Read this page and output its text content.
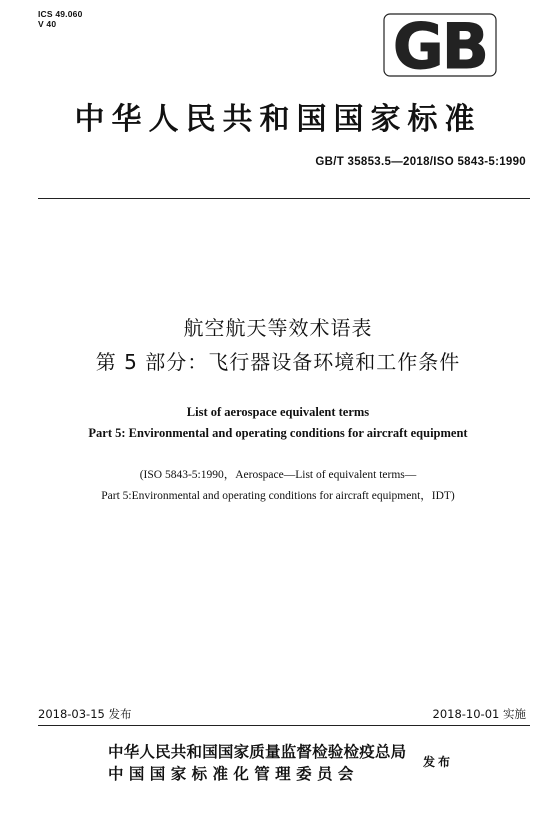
ICS 49.060
V 40	GB
中华人民共和国国家标准
GB/T 35853.5—2018/ISO 5843-5:1990
航空航天等效术语表
第 5 部分：飞行器设备环境和工作条件
List of aerospace equivalent terms
Part 5: Environmental and operating conditions for aircraft equipment
(ISO 5843-5:1990，Aerospace—List of equivalent terms—
Part 5:Environmental and operating conditions for aircraft equipment，IDT)
2018-03-15 发布	2018-10-01 实施
中华人民共和国国家质量监督检验检疫总局
中 国 国 家 标 准 化 管 理 委 员 会
发布
